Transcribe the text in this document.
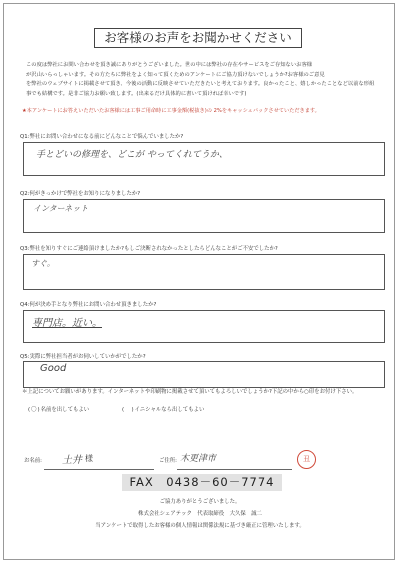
お客様のお声をお聞かせください

この度は弊社にお問い合わせを頂き誠にありがとうございました。世の中には弊社の存在やサービスをご存知ないお客様

が沢山いらっしゃいます。その方たちに弊社をよく知って頂くためのアンケートにご協力頂けないでしょうか?お客様のご意見

を弊社のウェブサイトに掲載させて頂き、今後の活動に反映させていただきたいと考えております。良かったこと、嬉しかったことなど以前な形組

事でも結構です。是非ご協力お願い致します。(出来るだけ具体的に書いて頂ければ幸いです)

★本アンケートにお答えいただいたお客様には工事ご用命時に工事金額(税抜き)の 2%をキャッシュバックさせていただきます。
Q1:弊社にお問い合わせになる前にどんなことで悩んでいましたか?
手とどいの修理を、どこが やってくれてうか、
Q2:何がきっかけで弊社をお知りになりましたか?
インターネット
Q3:弊社を知りすぐにご連絡頂けましたか?もしご決断されなかったとしたらどんなことがご不安でしたか?
すぐ。
Q4:何が決め手となり弊社にお問い合わせ頂きましたか?
専門店。近い。
Q5:実際に弊社担当者がお伺いしていかがでしたか?
Good
＊上記についてお願いがあります。インターネットや印刷物に掲載させて頂いてもよろしいでしょうか?下記の中から○印をお付け下さい。
(〇)名前を出してもよい	(　)イニシャルなら出してもよい
お名前: 土井 様	ご住所: 木更津市	丑
FAX　0438－60－7774
ご協力ありがとうございました。
株式会社シェアテック　代表取締役　大久保　誠二
当アンケートで取得したお客様の個人情報は関係法規に基づき厳正に管理いたします。
